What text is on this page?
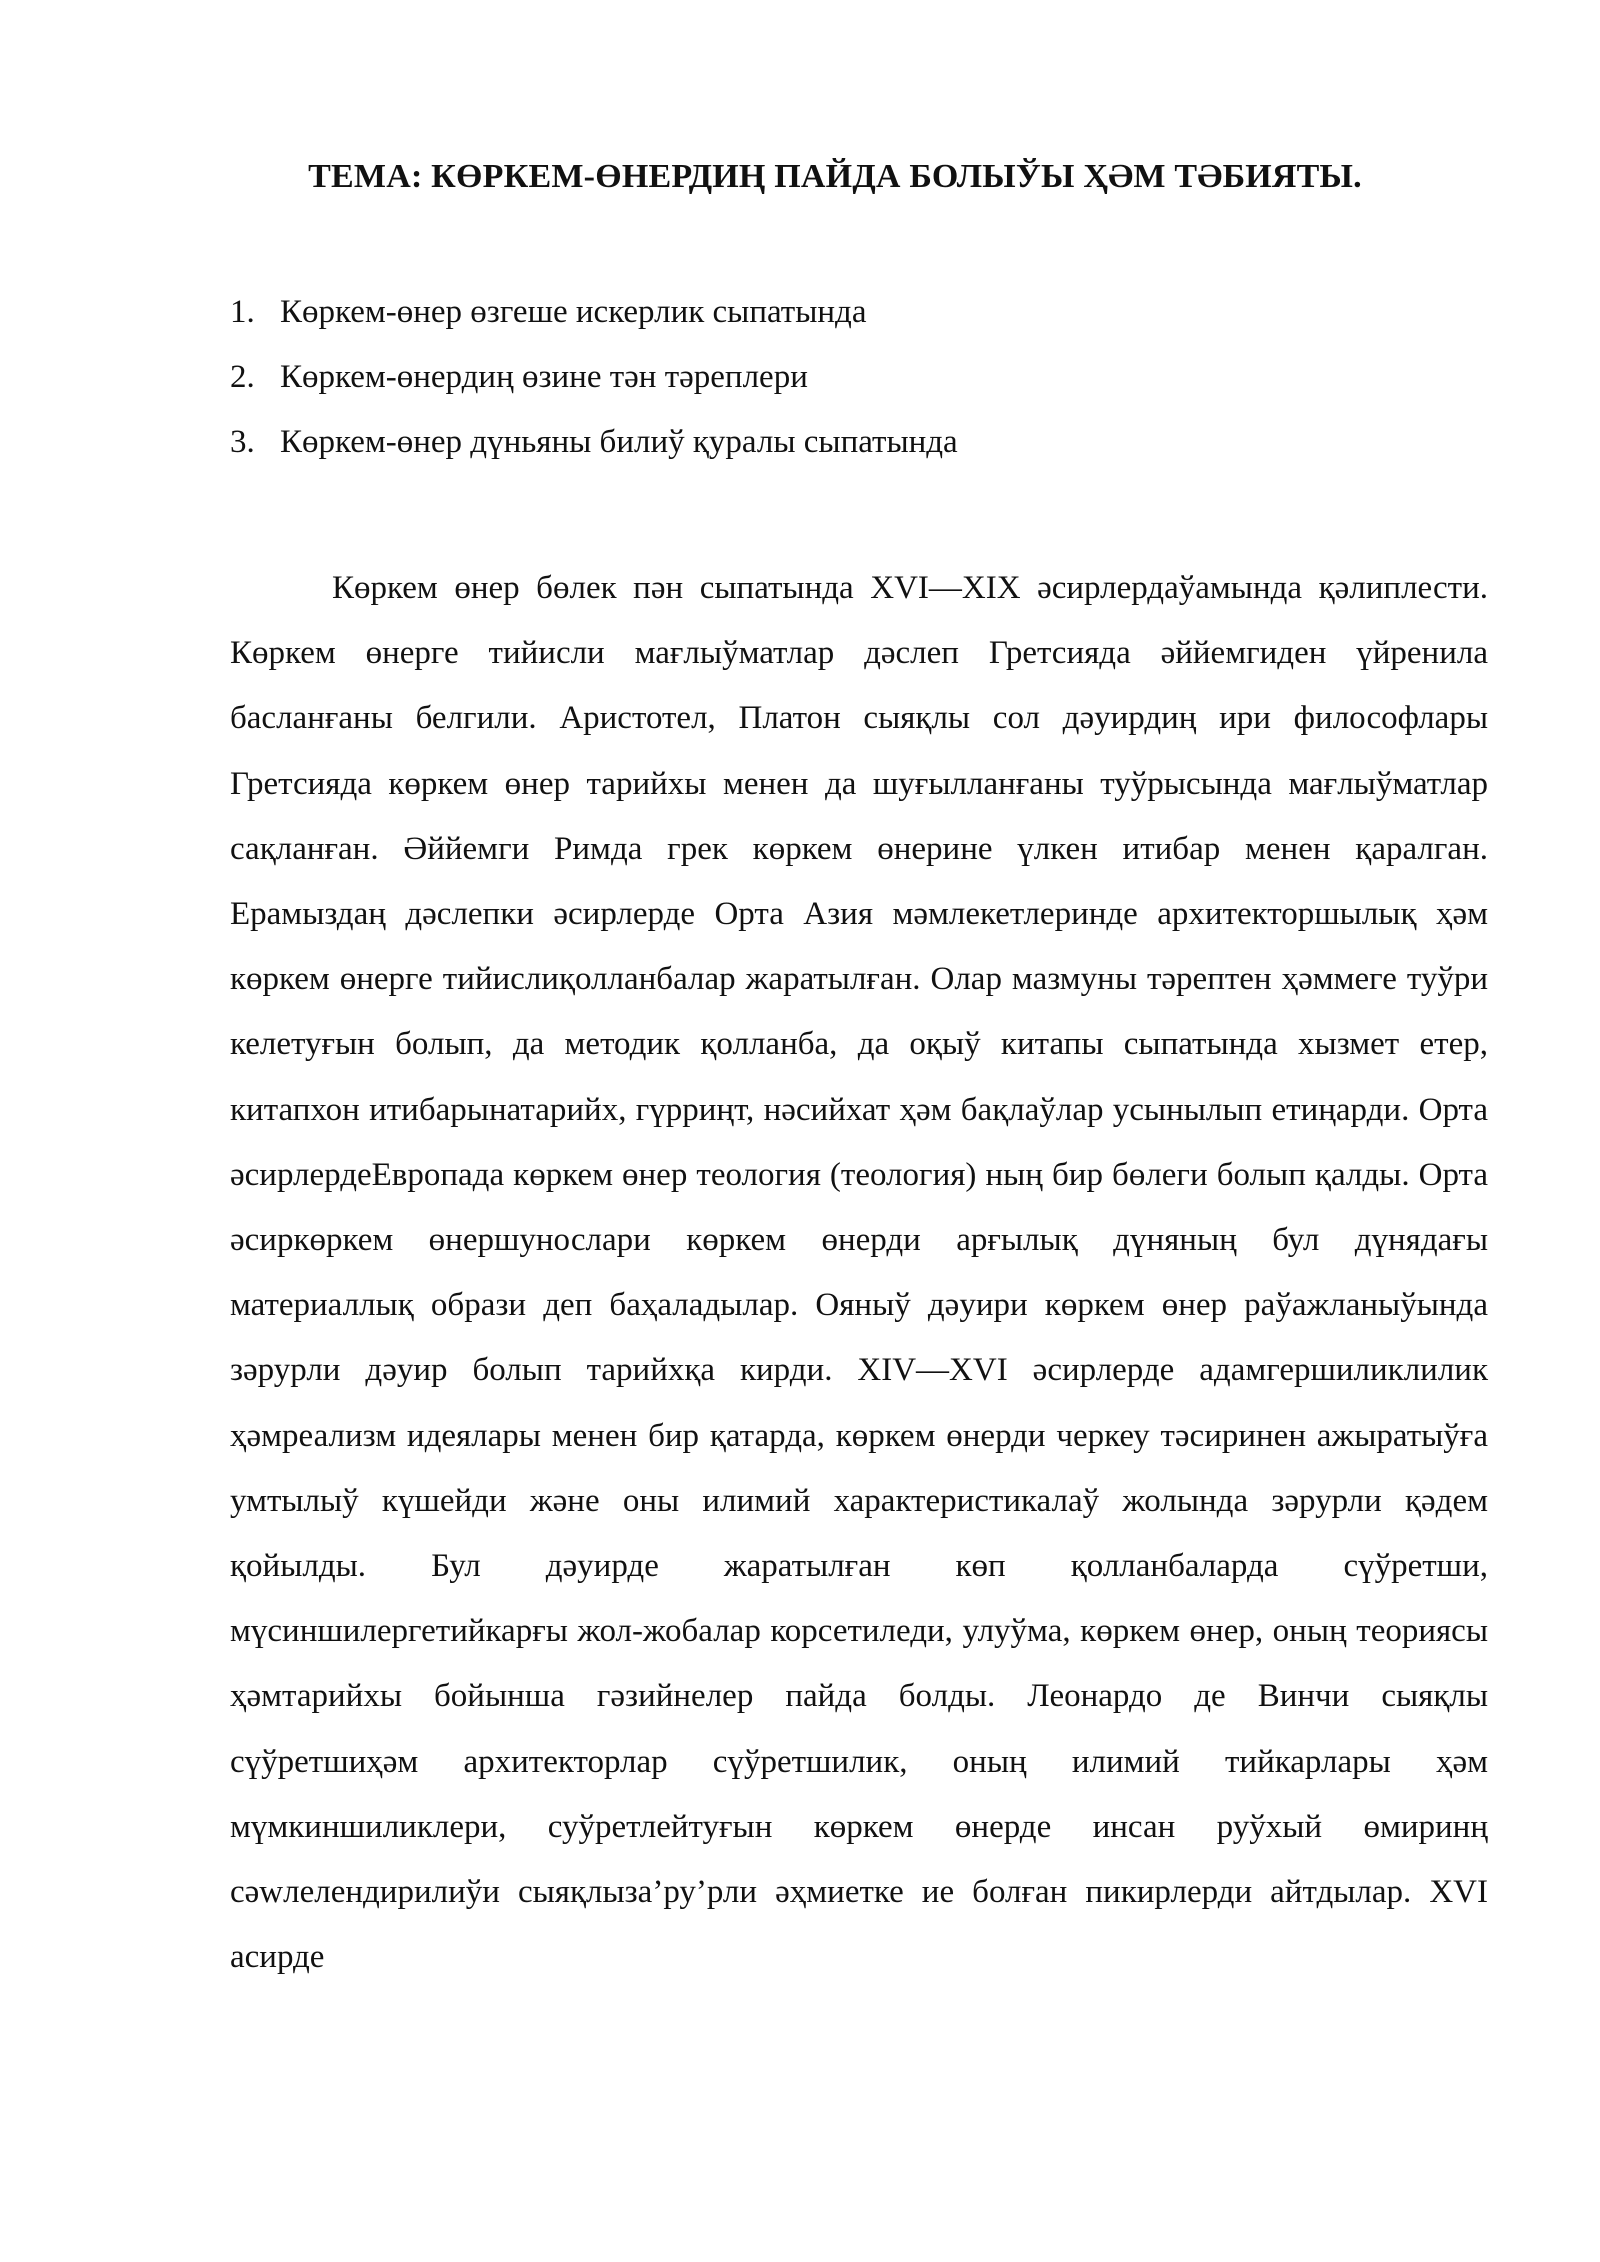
ТЕМА: КӨРКЕМ-ӨНЕРДИҢ ПАЙДА БОЛЫЎЫ ҲӘМ ТӘБИЯТЫ.
1. Көркем-өнер өзгеше искерлик сыпатында
2. Көркем-өнердиң өзине тән тәреплери
3. Көркем-өнер дүньяны билиў қуралы сыпатында

Көркем өнер бөлек пән сыпатында XVI—XIX әсирлердаўамында қәлиплести. Көркем өнерге тийисли мағлыўматлар дәслеп Гретсияда әййемгиден үйренила басланғаны белгили. Аристотел, Платон сыяқлы сол дәуирдиң ири философлары Гретсияда көркем өнер тарийхы менен да шуғылланғаны туўрысында мағлыўматлар сақланған. Әййемги Римда грек көркем өнерине үлкен итибар менен қаралган. Ерамыздаң дәслепки әсирлерде Орта Азия мәмлекетлеринде архитекторшылық ҳәм көркем өнерге тийислиқолланбалар жаратылған. Олар мазмуны тәрептен ҳәммеге туўри келетуғын болып, да методик қолланба, да оқыў китапы сыпатында хызмет етер, китапхон итибарынатарийх, гүрриңт, нәсийхат ҳәм бақлаўлар усынылып етиңарди. Орта әсирлердеЕвропада көркем өнер теология (теология) ның бир бөлеги болып қалды. Орта әсиркөркем өнершунослари көркем өнерди арғылық дүняның бул дүнядағы материаллық образи деп баҳаладылар. Ояныў дәуири көркем өнер раўажланыўында зәрурли дәуир болып тарийхқа кирди. XIV—XVI әсирлерде адамгершиликлилик ҳәмреализм идеялары менен бир қатарда, көркем өнерди черкеу тәсиринен ажыратыўға умтылыў күшейди және оны илимий характеристикалаў жолында зәрурли қәдем қойылды. Бул дәуирде жаратылған көп қолланбаларда сүўретши, мүсиншилергетийкарғы жол-жобалар корсетиледи, улуўма, көркем өнер, оның теориясы ҳәмтарийхы бойынша гәзийнелер пайда болды. Леонардо де Винчи сыяқлы сүўретшиҳәм архитекторлар сүўретшилик, оның илимий тийкарлары ҳәм мүмкиншиликлери, суўретлейтуғын көркем өнерде инсан руўхый өмиринң сәwлелендирилиўи сыяқлыза’ру’рли әҳмиетке ие болған пикирлерди айтдылар. XVI асирде
